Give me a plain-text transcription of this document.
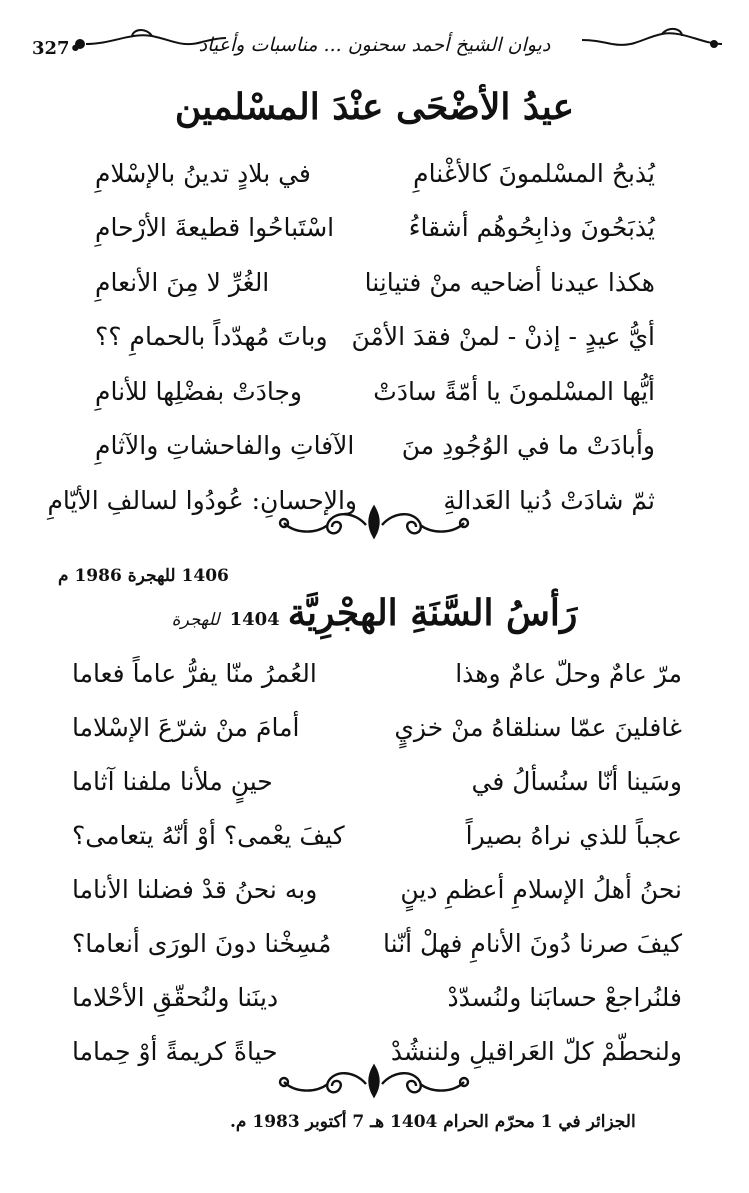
327•	ديوان الشيخ أحمد سحنون ... مناسبات وأعياد
عيدُ الأضْحَى عنْدَ المسْلمين
يُذبحُ المسْلمونَ كالأغْنامِ
في بلادٍ تدينُ بالإسْلامِ
يُذبَحُونَ وذابِحُوهُم أشقاءُ
اسْتَباحُوا قطيعةَ الأرْحامِ
هكذا عيدنا أضاحيه منْ فتيانِنا
الغُرِّ لا مِنَ الأنعامِ
أيُّ عيدٍ - إذنْ - لمنْ فقدَ الأمْنَ
وباتَ مُهدّداً بالحمامِ ؟؟
أيُّها المسْلمونَ يا أمّةً سادَتْ
وجادَتْ بفضْلِها للأنامِ
وأبادَتْ ما في الوُجُودِ منَ
الآفاتِ والفاحشاتِ والآثامِ
ثمّ شادَتْ دُنيا العَدالةِ
والإحسانِ: عُودُوا لسالفِ الأيّامِ
1406 للهجرة 1986 م
رَأسُ السَّنَةِ الهجْرِيَّة1404للهجرة
مرّ عامٌ وحلّ عامٌ وهذا
العُمرُ منّا يفرُّ عاماً فعاما
غافلينَ عمّا سنلقاهُ منْ خزيٍ
أمامَ منْ شرّعَ الإسْلاما
وسَينا أنّا سنُسألُ في
حينٍ ملأنا ملفنا آثاما
عجباً للذي نراهُ بصيراً
كيفَ يعْمى؟ أوْ أنّهُ يتعامى؟
نحنُ أهلُ الإسلامِ أعظمِ دينٍ
وبه نحنُ قدْ فضلنا الأناما
كيفَ صرنا دُونَ الأنامِ فهلْ أنّنا
مُسِخْنا دونَ الورَى أنعاما؟
فلنُراجعْ حسابَنا ولنُسدّدْ
دينَنا ولنُحقّقِ الأحْلاما
ولنحطّمْ كلّ العَراقيلِ ولننشُدْ
حياةً كريمةً أوْ حِماما
الجزائر في 1 محرّم الحرام 1404 هـ 7 أكتوبر 1983 م.
